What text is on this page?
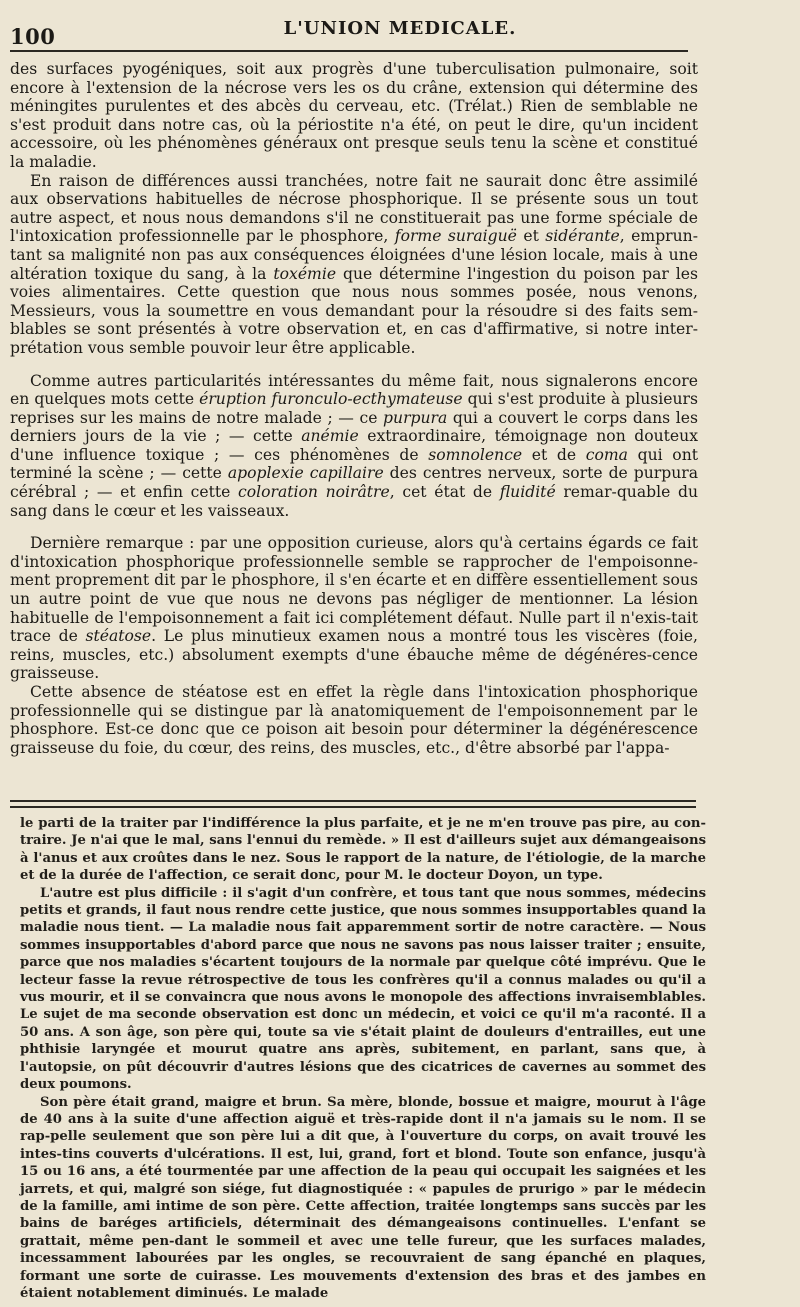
100	L'UNION MEDICALE.

des surfaces pyogéniques, soit aux progrès d'une tuberculisation pulmonaire, soit encore à l'extension de la nécrose vers les os du crâne, extension qui détermine des méningites purulentes et des abcès du cerveau, etc. (Trélat.) Rien de semblable ne s'est produit dans notre cas, où la périostite n'a été, on peut le dire, qu'un incident accessoire, où les phénomènes généraux ont presque seuls tenu la scène et constitué la maladie.

En raison de différences aussi tranchées, notre fait ne saurait donc être assimilé aux observations habituelles de nécrose phosphorique. Il se présente sous un tout autre aspect, et nous nous demandons s'il ne constituerait pas une forme spéciale de l'intoxication professionnelle par le phosphore, forme suraiguë et sidérante, emprun-tant sa malignité non pas aux conséquences éloignées d'une lésion locale, mais à une altération toxique du sang, à la toxémie que détermine l'ingestion du poison par les voies alimentaires. Cette question que nous nous sommes posée, nous venons, Messieurs, vous la soumettre en vous demandant pour la résoudre si des faits sem-blables se sont présentés à votre observation et, en cas d'affirmative, si notre inter-prétation vous semble pouvoir leur être applicable.

Comme autres particularités intéressantes du même fait, nous signalerons encore en quelques mots cette éruption furonculo-ecthymateuse qui s'est produite à plusieurs reprises sur les mains de notre malade ; — ce purpura qui a couvert le corps dans les derniers jours de la vie ; — cette anémie extraordinaire, témoignage non douteux d'une influence toxique ; — ces phénomènes de somnolence et de coma qui ont terminé la scène ; — cette apoplexie capillaire des centres nerveux, sorte de purpura cérébral ; — et enfin cette coloration noirâtre, cet état de fluidité remar-quable du sang dans le cœur et les vaisseaux.

Dernière remarque : par une opposition curieuse, alors qu'à certains égards ce fait d'intoxication phosphorique professionnelle semble se rapprocher de l'empoisonne-ment proprement dit par le phosphore, il s'en écarte et en diffère essentiellement sous un autre point de vue que nous ne devons pas négliger de mentionner. La lésion habituelle de l'empoisonnement a fait ici complétement défaut. Nulle part il n'exis-tait trace de stéatose. Le plus minutieux examen nous a montré tous les viscères (foie, reins, muscles, etc.) absolument exempts d'une ébauche même de dégénéres-cence graisseuse.

Cette absence de stéatose est en effet la règle dans l'intoxication phosphorique professionnelle qui se distingue par là anatomiquement de l'empoisonnement par le phosphore. Est-ce donc que ce poison ait besoin pour déterminer la dégénérescence graisseuse du foie, du cœur, des reins, des muscles, etc., d'être absorbé par l'appa-

le parti de la traiter par l'indifférence la plus parfaite, et je ne m'en trouve pas pire, au con-traire. Je n'ai que le mal, sans l'ennui du remède. » Il est d'ailleurs sujet aux démangeaisons à l'anus et aux croûtes dans le nez. Sous le rapport de la nature, de l'étiologie, de la marche et de la durée de l'affection, ce serait donc, pour M. le docteur Doyon, un type.

L'autre est plus difficile : il s'agit d'un confrère, et tous tant que nous sommes, médecins petits et grands, il faut nous rendre cette justice, que nous sommes insupportables quand la maladie nous tient. — La maladie nous fait apparemment sortir de notre caractère. — Nous sommes insupportables d'abord parce que nous ne savons pas nous laisser traiter ; ensuite, parce que nos maladies s'écartent toujours de la normale par quelque côté imprévu. Que le lecteur fasse la revue rétrospective de tous les confrères qu'il a connus malades ou qu'il a vus mourir, et il se convaincra que nous avons le monopole des affections invraisemblables. Le sujet de ma seconde observation est donc un médecin, et voici ce qu'il m'a raconté. Il a 50 ans. A son âge, son père qui, toute sa vie s'était plaint de douleurs d'entrailles, eut une phthisie laryngée et mourut quatre ans après, subitement, en parlant, sans que, à l'autopsie, on pût découvrir d'autres lésions que des cicatrices de cavernes au sommet des deux poumons.

Son père était grand, maigre et brun. Sa mère, blonde, bossue et maigre, mourut à l'âge de 40 ans à la suite d'une affection aiguë et très-rapide dont il n'a jamais su le nom. Il se rap-pelle seulement que son père lui a dit que, à l'ouverture du corps, on avait trouvé les intes-tins couverts d'ulcérations. Il est, lui, grand, fort et blond. Toute son enfance, jusqu'à 15 ou 16 ans, a été tourmentée par une affection de la peau qui occupait les saignées et les jarrets, et qui, malgré son siége, fut diagnostiquée : « papules de prurigo » par le médecin de la famille, ami intime de son père. Cette affection, traitée longtemps sans succès par les bains de baréges artificiels, déterminait des démangeaisons continuelles. L'enfant se grattait, même pen-dant le sommeil et avec une telle fureur, que les surfaces malades, incessamment labourées par les ongles, se recouvraient de sang épanché en plaques, formant une sorte de cuirasse. Les mouvements d'extension des bras et des jambes en étaient notablement diminués. Le malade
